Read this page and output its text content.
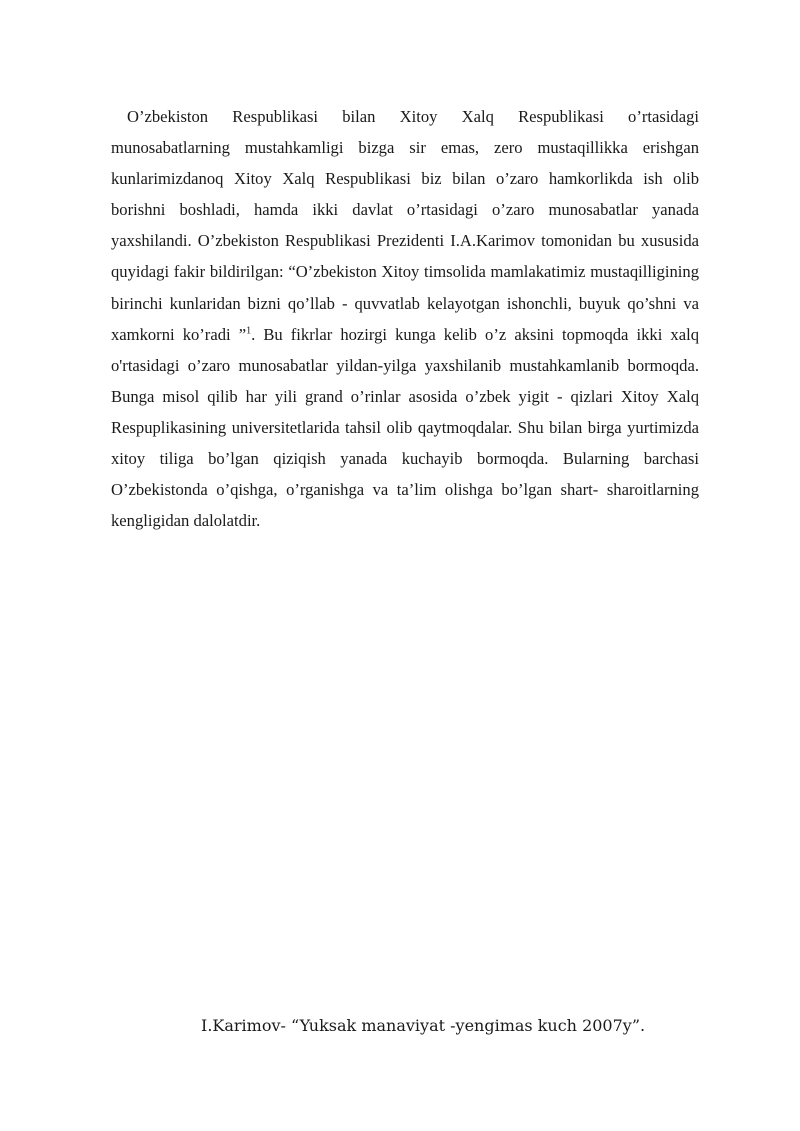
O’zbekiston Respublikasi bilan Xitoy Xalq Respublikasi o’rtasidagi munosabatlarning mustahkamligi bizga sir emas, zero mustaqillikka erishgan kunlarimizdanoq Xitoy Xalq Respublikasi biz bilan o’zaro hamkorlikda ish olib borishni boshladi, hamda ikki davlat o’rtasidagi o’zaro munosabatlar yanada yaxshilandi. O’zbekiston Respublikasi Prezidenti I.A.Karimov tomonidan bu xususida quyidagi fakir bildirilgan: “O’zbekiston Xitoy timsolida mamlakatimiz mustaqilligining birinchi kunlaridan bizni qo’llab - quvvatlab kelayotgan ishonchli, buyuk qo’shni va xamkorni ko’radi ”$^1$. Bu fikrlar hozirgi kunga kelib o’z aksini topmoqda ikki xalq o'rtasidagi o’zaro munosabatlar yildan-yilga yaxshilanib mustahkamlanib bormoqda. Bunga misol qilib har yili grand o’rinlar asosida o’zbek yigit - qizlari Xitoy Xalq Respuplikasining universitetlarida tahsil olib qaytmoqdalar. Shu bilan birga yurtimizda xitoy tiligа bo’lgan qiziqish yanada kuchayib bormoqda. Bularning barchasi O’zbekistonda o’qishga, o’rganishga va ta’lim olishga bo’lgan shart- sharoitlarning kengligidan dalolatdir.

I.Karimov- “Yuksak manaviyat -yengimas kuch 2007y”.
